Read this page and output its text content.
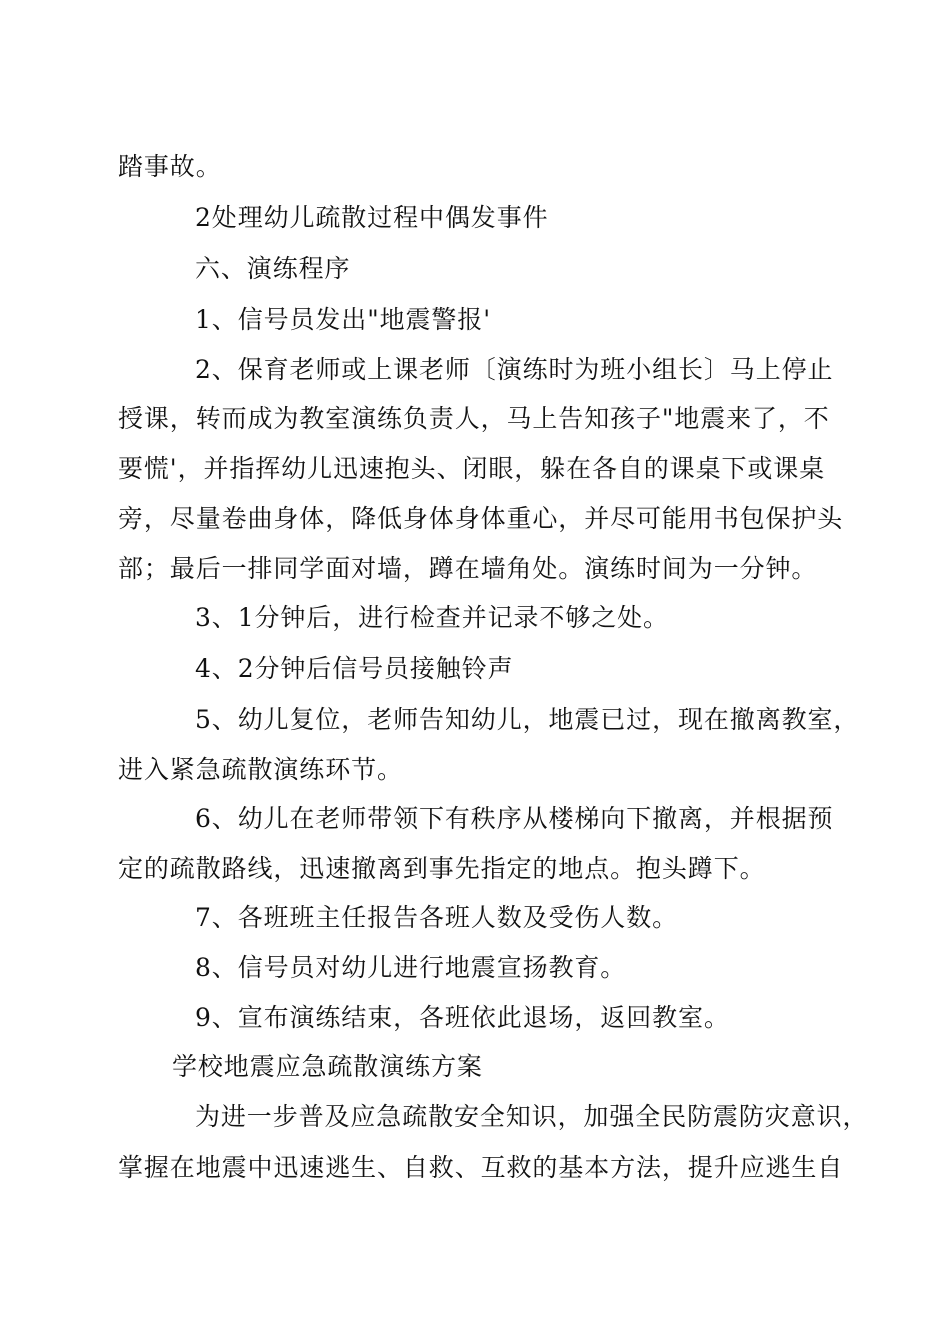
踏事故。
2处理幼儿疏散过程中偶发事件
六、演练程序
1、信号员发出"地震警报'
2、保育老师或上课老师〔演练时为班小组长〕马上停止
授课，转而成为教室演练负责人，马上告知孩子"地震来了，不
要慌'，并指挥幼儿迅速抱头、闭眼，躲在各自的课桌下或课桌
旁，尽量卷曲身体，降低身体身体重心，并尽可能用书包保护头
部；最后一排同学面对墙，蹲在墙角处。演练时间为一分钟。
3、1分钟后，进行检查并记录不够之处。
4、2分钟后信号员接触铃声
5、幼儿复位，老师告知幼儿，地震已过，现在撤离教室，
进入紧急疏散演练环节。
6、幼儿在老师带领下有秩序从楼梯向下撤离，并根据预
定的疏散路线，迅速撤离到事先指定的地点。抱头蹲下。
7、各班班主任报告各班人数及受伤人数。
8、信号员对幼儿进行地震宣扬教育。
9、宣布演练结束，各班依此退场，返回教室。
学校地震应急疏散演练方案
为进一步普及应急疏散安全知识，加强全民防震防灾意识，
掌握在地震中迅速逃生、自救、互救的基本方法，提升应逃生自
